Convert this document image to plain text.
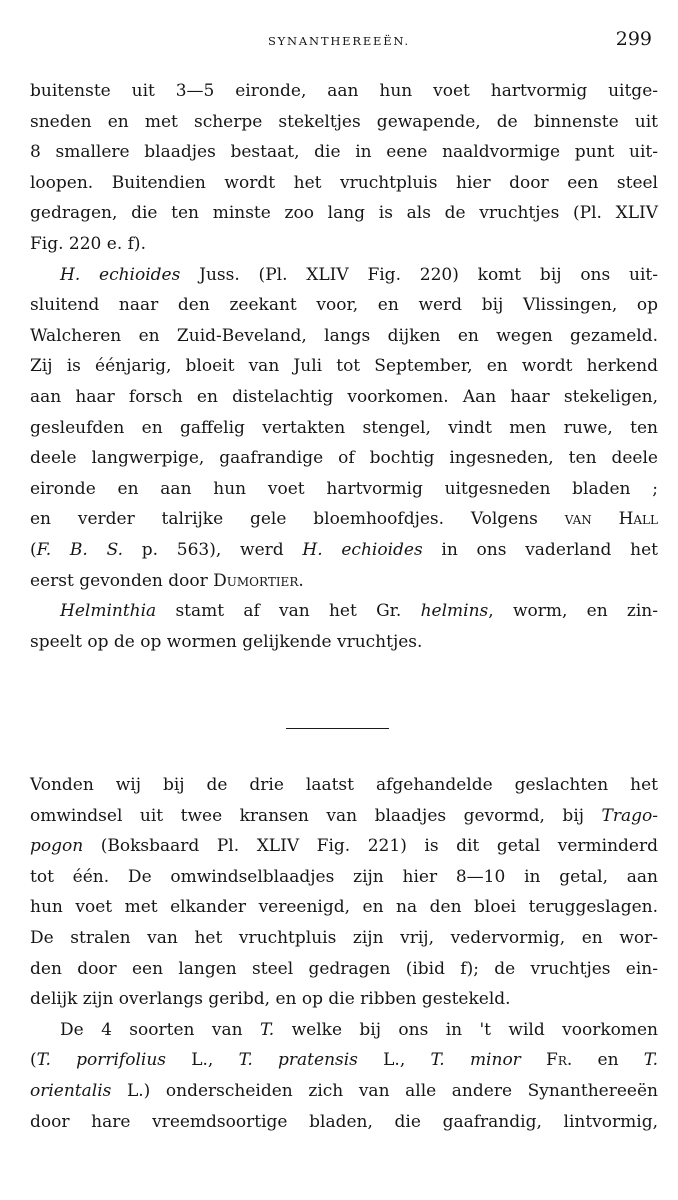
SYNANTHEREEËN.	299
buitenste uit 3—5 eironde, aan hun voet hartvormig uitge-
sneden en met scherpe stekeltjes gewapende, de binnenste uit
8 smallere blaadjes bestaat, die in eene naaldvormige punt uit-
loopen. Buitendien wordt het vruchtpluis hier door een steel
gedragen, die ten minste zoo lang is als de vruchtjes (Pl. XLIV
Fig. 220 e. f).
H. echioides Juss. (Pl. XLIV Fig. 220) komt bij ons uit-
sluitend naar den zeekant voor, en werd bij Vlissingen, op
Walcheren en Zuid-Beveland, langs dijken en wegen gezameld.
Zij is éénjarig, bloeit van Juli tot September, en wordt herkend
aan haar forsch en distelachtig voorkomen. Aan haar stekeligen,
gesleufden en gaffelig vertakten stengel, vindt men ruwe, ten
deele langwerpige, gaafrandige of bochtig ingesneden, ten deele
eironde en aan hun voet hartvormig uitgesneden bladen ;
en verder talrijke gele bloemhoofdjes. Volgens van Hall
(F. B. S. p. 563), werd H. echioides in ons vaderland het
eerst gevonden door Dumortier.
Helminthia stamt af van het Gr. helmins, worm, en zin-
speelt op de op wormen gelijkende vruchtjes.
Vonden wij bij de drie laatst afgehandelde geslachten het
omwindsel uit twee kransen van blaadjes gevormd, bij Trago-
pogon (Boksbaard Pl. XLIV Fig. 221) is dit getal verminderd
tot één. De omwindselblaadjes zijn hier 8—10 in getal, aan
hun voet met elkander vereenigd, en na den bloei teruggeslagen.
De stralen van het vruchtpluis zijn vrij, vedervormig, en wor-
den door een langen steel gedragen (ibid f); de vruchtjes ein-
delijk zijn overlangs geribd, en op die ribben gestekeld.
De 4 soorten van T. welke bij ons in 't wild voorkomen
(T. porrifolius L., T. pratensis L., T. minor Fr. en T.
orientalis L.) onderscheiden zich van alle andere Synanthereeën
door hare vreemdsoortige bladen, die gaafrandig, lintvormig,
